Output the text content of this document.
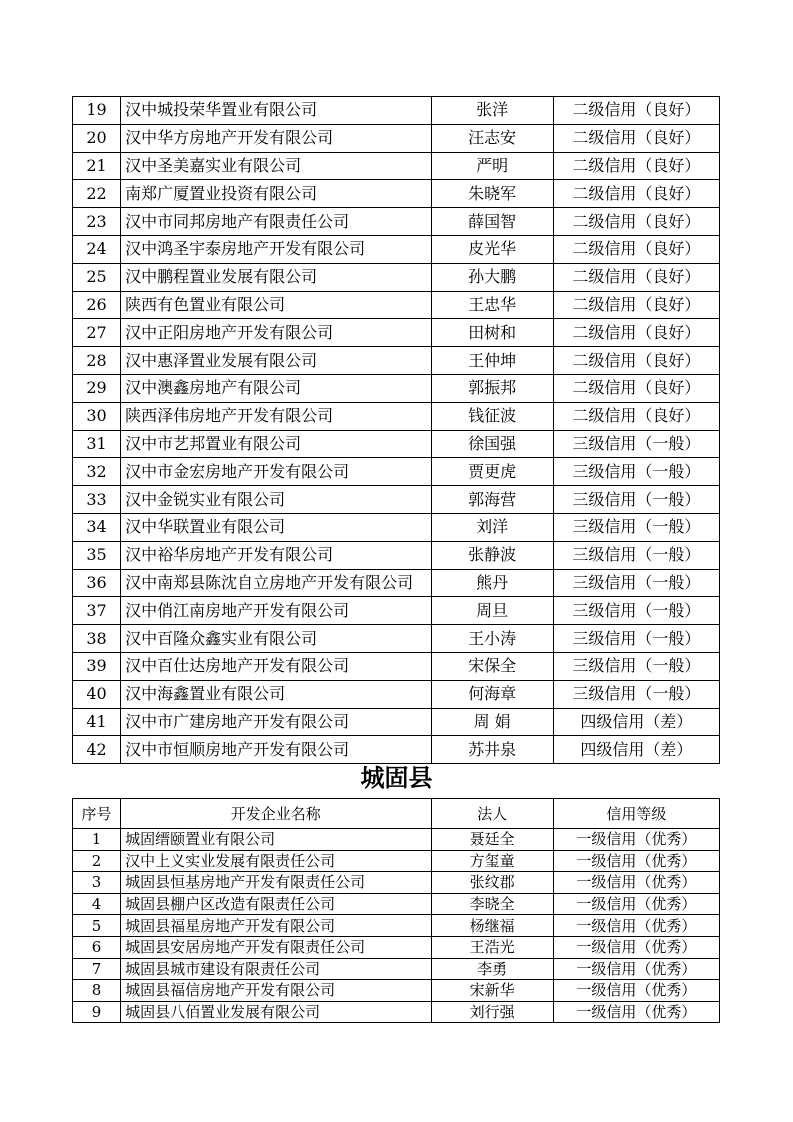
19	汉中城投荣华置业有限公司	张洋	二级信用（良好）
20	汉中华方房地产开发有限公司	汪志安	二级信用（良好）
21	汉中圣美嘉实业有限公司	严明	二级信用（良好）
22	南郑广厦置业投资有限公司	朱晓军	二级信用（良好）
23	汉中市同邦房地产有限责任公司	薛国智	二级信用（良好）
24	汉中鸿圣宇泰房地产开发有限公司	皮光华	二级信用（良好）
25	汉中鹏程置业发展有限公司	孙大鹏	二级信用（良好）
26	陕西有色置业有限公司	王忠华	二级信用（良好）
27	汉中正阳房地产开发有限公司	田树和	二级信用（良好）
28	汉中惠泽置业发展有限公司	王仲坤	二级信用（良好）
29	汉中澳鑫房地产有限公司	郭振邦	二级信用（良好）
30	陕西泽伟房地产开发有限公司	钱征波	二级信用（良好）
31	汉中市艺邦置业有限公司	徐国强	三级信用（一般）
32	汉中市金宏房地产开发有限公司	贾更虎	三级信用（一般）
33	汉中金锐实业有限公司	郭海营	三级信用（一般）
34	汉中华联置业有限公司	刘洋	三级信用（一般）
35	汉中裕华房地产开发有限公司	张静波	三级信用（一般）
36	汉中南郑县陈沈自立房地产开发有限公司	熊丹	三级信用（一般）
37	汉中俏江南房地产开发有限公司	周旦	三级信用（一般）
38	汉中百隆众鑫实业有限公司	王小涛	三级信用（一般）
39	汉中百仕达房地产开发有限公司	宋保全	三级信用（一般）
40	汉中海鑫置业有限公司	何海章	三级信用（一般）
41	汉中市广建房地产开发有限公司	周 娟	四级信用（差）
42	汉中市恒顺房地产开发有限公司	苏井泉	四级信用（差）
城固县
序号	开发企业名称	法人	信用等级
1	城固缙颐置业有限公司	聂廷全	一级信用（优秀）
2	汉中上义实业发展有限责任公司	方玺童	一级信用（优秀）
3	城固县恒基房地产开发有限责任公司	张纹郡	一级信用（优秀）
4	城固县棚户区改造有限责任公司	李晓全	一级信用（优秀）
5	城固县福星房地产开发有限公司	杨继福	一级信用（优秀）
6	城固县安居房地产开发有限责任公司	王浩光	一级信用（优秀）
7	城固县城市建设有限责任公司	李勇	一级信用（优秀）
8	城固县福信房地产开发有限公司	宋新华	一级信用（优秀）
9	城固县八佰置业发展有限公司	刘行强	一级信用（优秀）
